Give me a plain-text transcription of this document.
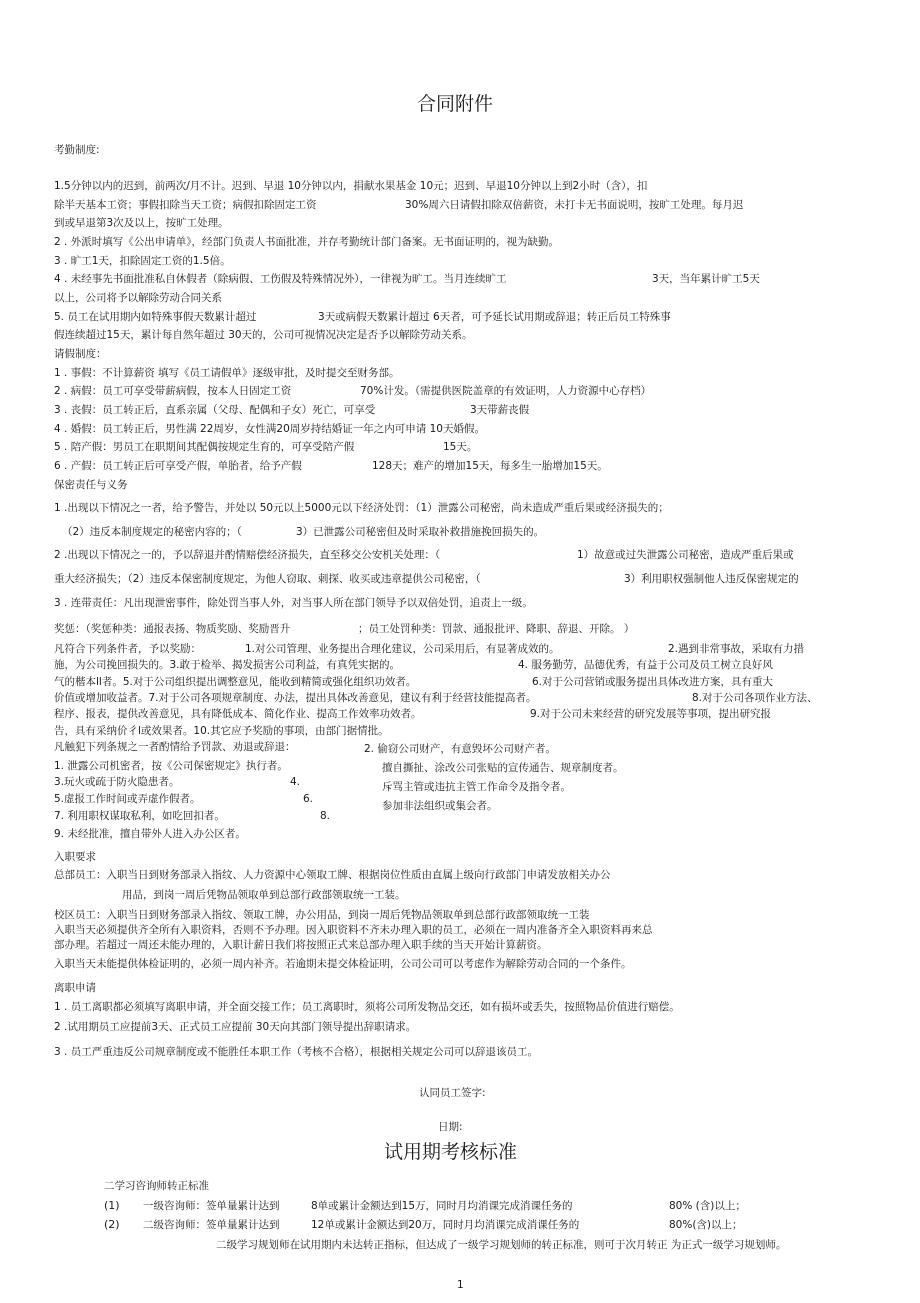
合同附件
考勤制度:
1.5分钟以内的迟到，前两次/月不计。迟到、早退 10分钟以内，捐献水果基金 10元；迟到、早退10分钟以上到2小时（含），扣
除半天基本工资；事假扣除当天工资；病假扣除固定工资	30%周六日请假扣除双倍薪资，未打卡无书面说明，按旷工处理。每月迟
到或早退第3次及以上，按旷工处理。
2 . 外派时填写《公出申请单》，经部门负责人书面批准，并存考勤统计部门备案。无书面证明的，视为缺勤。
3 . 旷工1天，扣除固定工资的1.5倍。
4 . 未经事先书面批准私自休假者（除病假、工伤假及特殊情况外），一律视为旷工。当月连续旷工	3天，当年累计旷工5天
以上，公司将予以解除劳动合同关系
5. 员工在试用期内如特殊事假天数累计超过	3天或病假天数累计超过 6天者，可予延长试用期或辞退；转正后员工特殊事
假连续超过15天，累计每自然年超过 30天的，公司可视情况决定是否予以解除劳动关系。
请假制度：
1 . 事假：不计算薪资 填写《员工请假单》逐级审批，及时提交至财务部。
2 . 病假：员工可享受带薪病假，按本人日固定工资	70%计发。（需提供医院盖章的有效证明，人力资源中心存档）
3 . 丧假：员工转正后，直系亲属（父母、配偶和子女）死亡，可享受	3天带薪丧假
4 . 婚假：员工转正后，男性满 22周岁，女性满20周岁持结婚证一年之内可申请 10天婚假。
5 . 陪产假：男员工在职期间其配偶按规定生育的，可享受陪产假	15天。
6 . 产假：员工转正后可享受产假，单胎者，给予产假	128天；难产的增加15天，每多生一胎增加15天。
保密责任与义务
1 .出现以下情况之一者，给予警告，并处以 50元以上5000元以下经济处罚：（1）泄露公司秘密，尚未造成严重后果或经济损失的；
（2）违反本制度规定的秘密内容的；（	3）已泄露公司秘密但及时采取补救措施挽回损失的。
2 .出现以下情况之一的，予以辞退并酌情赔偿经济损失，直至移交公安机关处理：（	1）故意或过失泄露公司秘密，造成严重后果或
重大经济损失；（2）违反本保密制度规定，为他人窃取、刺探、收买或违章提供公司秘密，（	3）利用职权强制他人违反保密规定的
3 . 连带责任：凡出现泄密事件，除处罚当事人外，对当事人所在部门领导予以双倍处罚，追责上一级。
奖惩：（奖惩种类：通报表扬、物质奖励、奖励晋升	；员工处罚种类：罚款、通报批评、降职、辞退、开除。 ）
凡符合下列条件者，予以奖励：	1.对公司管理、业务提出合理化建议，公司采用后，有显著成效的。	2.遇到非常事故，采取有力措
施，为公司挽回损失的。3.敢于检举、揭发损害公司利益，有真凭实据的。	4. 服务勤劳，品德优秀，有益于公司及员工树立良好风
气的楷本ll者。5.对于公司组织提出调整意见，能收到精简或强化组织功效者。	6.对于公司营销或服务提出具体改进方案，具有重大
价值或增加收益者。7.对于公司各项规章制度、办法，提出具体改善意见，建议有利于经营技能提高者。	8.对于公司各项作业方法、
程序、报表，提供改善意见，具有降低成本、简化作业、提高工作效率功效者。	9.对于公司未来经营的研究发展等事项，提出研究报
告，具有采纳价彳l或效果者。10.其它应予奖励的事项，由部门据情批。
凡触犯下列条规之一者酌情给予罚款、劝退或辞退：	2. 偷窃公司财产，有意毁坏公司财产者。
1. 泄露公司机密者，按《公司保密规定》执行者。	擅自撕扯、涂改公司张贴的宣传通告、规章制度者。
3.玩火或疏于防火隐患者。	4.	斥骂主管或违抗主管工作命令及指令者。
5.虚报工作时间或弄虚作假者。	6.
参加非法组织或集会者。
7. 利用职权谋取私利，如吃回扣者。	8.
9. 未经批准，擅自带外人进入办公区者。
入职要求
总部员工：入职当日到财务部录入指纹、人力资源中心领取工牌、根据岗位性质由直属上级向行政部门申请发放相关办公
用品，到岗一周后凭物品领取单到总部行政部领取统一工装。
校区员工：入职当日到财务部录入指纹、领取工牌，办公用品，到岗一周后凭物品领取单到总部行政部领取统一工装
入职当天必须提供齐全所有入职资料，否则不予办理。因入职资料不齐未办理入职的员工，必须在一周内准备齐全入职资料再来总
部办理。若超过一周还未能办理的，入职计薪日我们将按照正式来总部办理入职手续的当天开始计算薪资。
入职当天未能提供体检证明的，必须一周内补齐。若逾期未提交体检证明，公司公司可以考虑作为解除劳动合同的一个条件。
离职申请
1 . 员工离职都必须填写离职申请，并全面交接工作；员工离职时，须将公司所发物品交还，如有损坏或丢失，按照物品价值进行赔偿。
2 .试用期员工应提前3天、正式员工应提前 30天向其部门领导提出辞职请求。
3 . 员工严重违反公司规章制度或不能胜任本职工作（考核不合格），根据相关规定公司可以辞退该员工。
认同员工签字:
日期:
试用期考核标准
二学习咨询师转正标准
(1) 一级咨询师：签单量累计达到	8单或累计金额达到15万，同时月均消课完成消课任务的	80% (含)以上；
(2) 二级咨询师：签单量累计达到	12单或累计金额达到20万，同时月均消课完成消课任务的	80%(含)以上；
二级学习规划师在试用期内未达转正指标，但达成了一级学习规划师的转正标准，则可于次月转正 为正式一级学习规划师。
1
